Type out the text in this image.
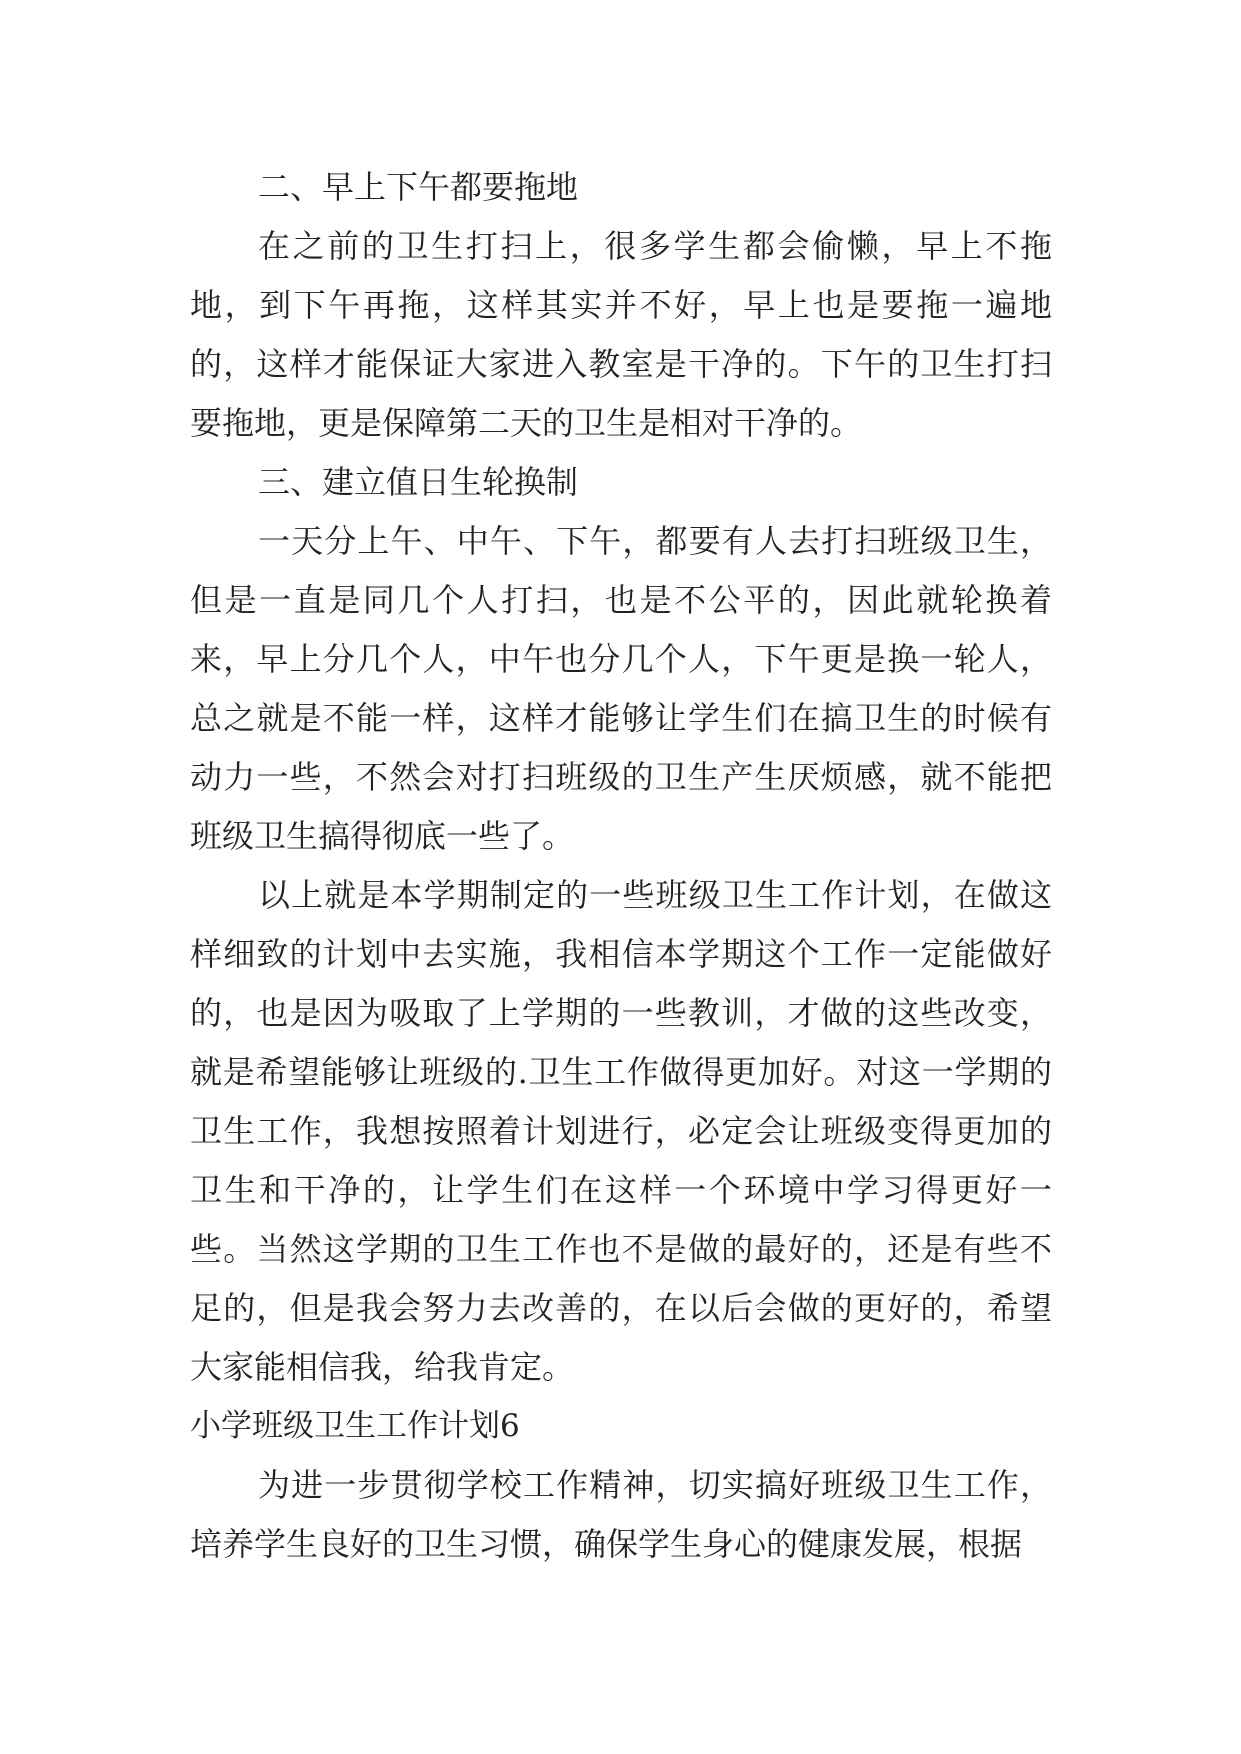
二、早上下午都要拖地

在之前的卫生打扫上，很多学生都会偷懒，早上不拖地，到下午再拖，这样其实并不好，早上也是要拖一遍地的，这样才能保证大家进入教室是干净的。下午的卫生打扫要拖地，更是保障第二天的卫生是相对干净的。

三、建立值日生轮换制

一天分上午、中午、下午，都要有人去打扫班级卫生，但是一直是同几个人打扫，也是不公平的，因此就轮换着来，早上分几个人，中午也分几个人，下午更是换一轮人，总之就是不能一样，这样才能够让学生们在搞卫生的时候有动力一些，不然会对打扫班级的卫生产生厌烦感，就不能把班级卫生搞得彻底一些了。

以上就是本学期制定的一些班级卫生工作计划，在做这样细致的计划中去实施，我相信本学期这个工作一定能做好的，也是因为吸取了上学期的一些教训，才做的这些改变，就是希望能够让班级的.卫生工作做得更加好。对这一学期的卫生工作，我想按照着计划进行，必定会让班级变得更加的卫生和干净的，让学生们在这样一个环境中学习得更好一些。当然这学期的卫生工作也不是做的最好的，还是有些不足的，但是我会努力去改善的，在以后会做的更好的，希望大家能相信我，给我肯定。

小学班级卫生工作计划6

为进一步贯彻学校工作精神，切实搞好班级卫生工作，培养学生良好的卫生习惯，确保学生身心的健康发展，根据
